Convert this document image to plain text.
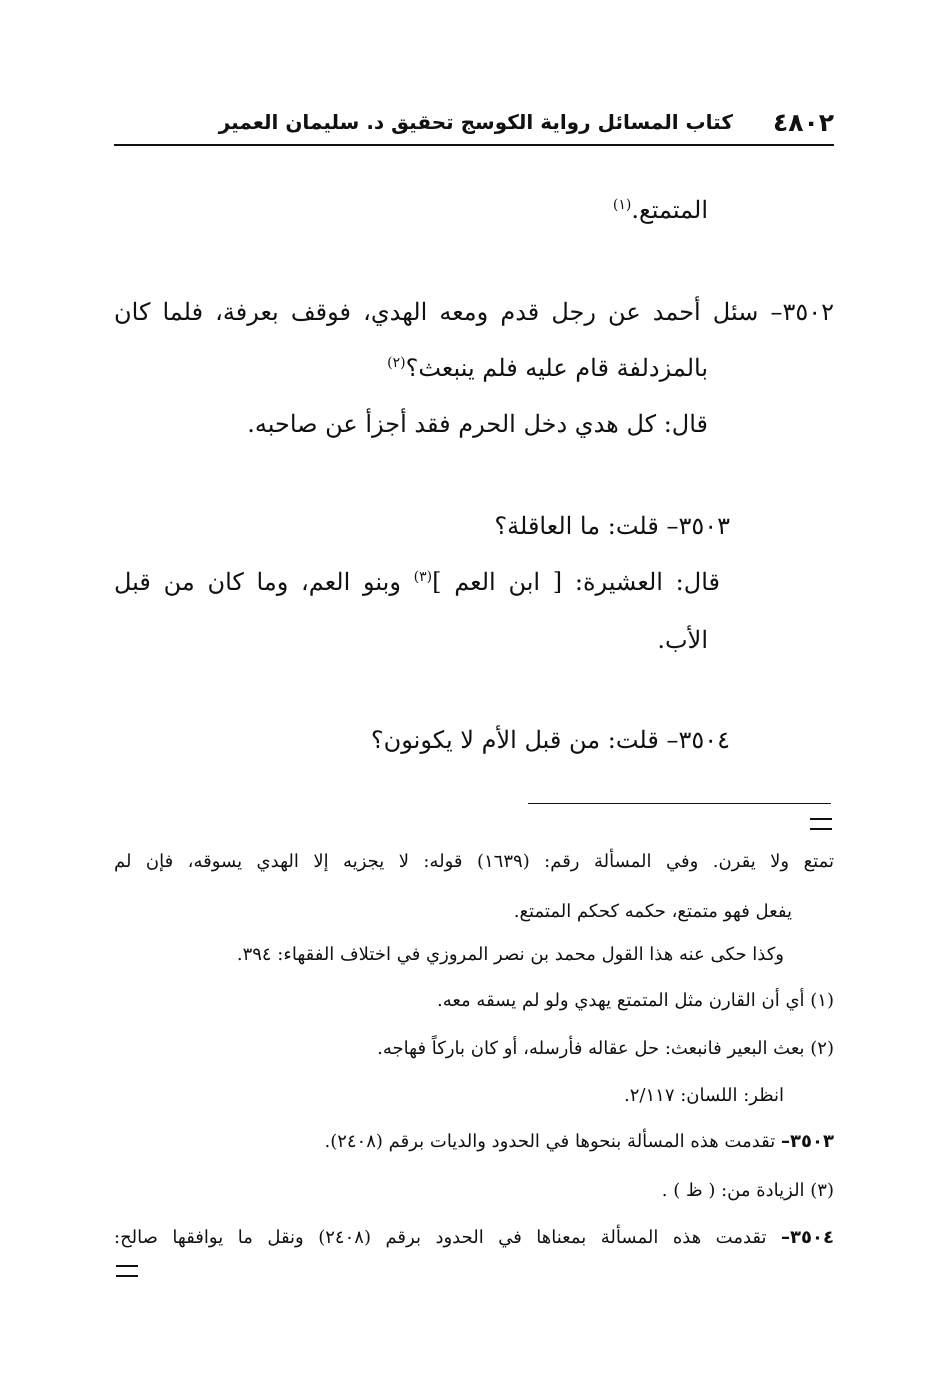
٤٨٠٢
كتاب المسائل رواية الكوسج تحقيق د. سليمان العمير
المتمتع.$^{(١)}$
٣٥٠٢– سئل أحمد عن رجل قدم ومعه الهدي، فوقف بعرفة، فلما كان
بالمزدلفة قام عليه فلم ينبعث؟$^{(٢)}$
قال: كل هدي دخل الحرم فقد أجزأ عن صاحبه.
٣٥٠٣– قلت: ما العاقلة؟
قال: العشيرة: [ ابن العم ]$^{(٣)}$ وبنو العم، وما كان من قبل
الأب.
٣٥٠٤– قلت: من قبل الأم لا يكونون؟
تمتع ولا يقرن. وفي المسألة رقم: (١٦٣٩) قوله: لا يجزيه إلا الهدي يسوقه، فإن لم
يفعل فهو متمتع، حكمه كحكم المتمتع.
وكذا حكى عنه هذا القول محمد بن نصر المروزي في اختلاف الفقهاء: ٣٩٤.
(١) أي أن القارن مثل المتمتع يهدي ولو لم يسقه معه.
(٢) بعث البعير فانبعث: حل عقاله فأرسله، أو كان باركاً فهاجه.
انظر: اللسان: ٢/١١٧.
٣٥٠٣– تقدمت هذه المسألة بنحوها في الحدود والديات برقم (٢٤٠٨).
(٣) الزيادة من: ( ظ ) .
٣٥٠٤– تقدمت هذه المسألة بمعناها في الحدود برقم (٢٤٠٨) ونقل ما يوافقها صالح:
